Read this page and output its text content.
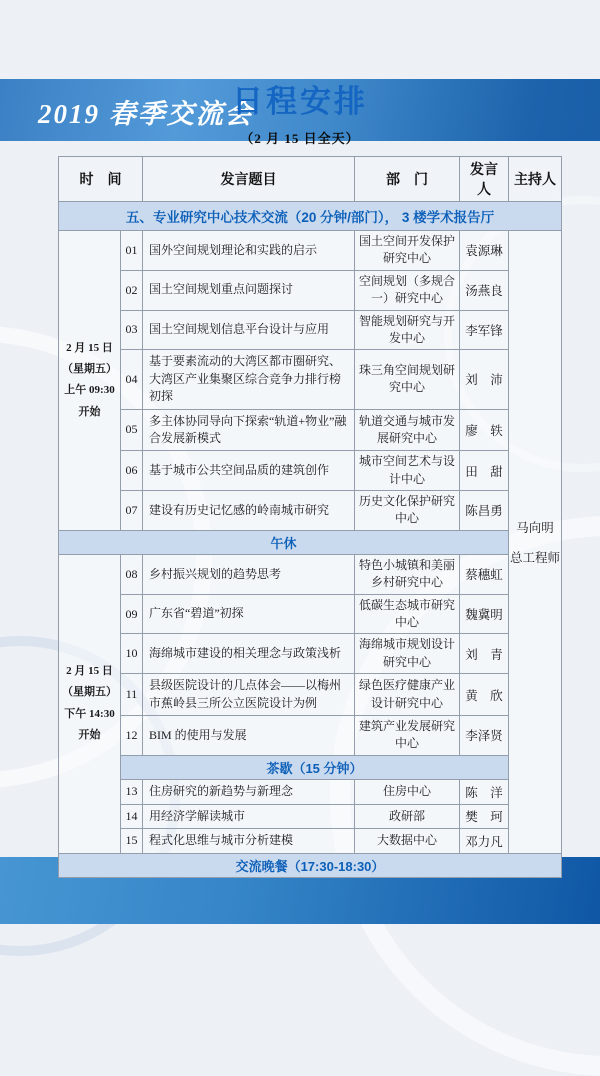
2019 春季交流会
日程安排
（2 月 15 日全天）
时　间		发言题目	部　门	发言人	主持人
五、专业研究中心技术交流（20 分钟/部门）， 3 楼学术报告厅					

2 月 15 日
（星期五）
上午 09:30
开始
	01	国外空间规划理论和实践的启示	国土空间开发保护研究中心	袁源琳	
马向明
总工程师

	02	国土空间规划重点问题探讨	空间规划（多规合一）研究中心	汤燕良	
	03	国土空间规划信息平台设计与应用	智能规划研究与开发中心	李军锋	
	04	基于要素流动的大湾区都市圈研究、大湾区产业集聚区综合竞争力排行榜初探	珠三角空间规划研究中心	刘　沛	
	05	多主体协同导向下探索“轨道+物业”融合发展新模式	轨道交通与城市发展研究中心	廖　轶	
	06	基于城市公共空间品质的建筑创作	城市空间艺术与设计中心	田　甜	
	07	建设有历史记忆感的岭南城市研究	历史文化保护研究中心	陈昌勇	
午休					

2 月 15 日
（星期五）
下午 14:30
开始	08	乡村振兴规划的趋势思考	特色小城镇和美丽乡村研究中心	蔡穗虹	
	09	广东省“碧道”初探	低碳生态城市研究中心	魏冀明	
	10	海绵城市建设的相关理念与政策浅析	海绵城市规划设计研究中心	刘　青	
	11	县级医院设计的几点体会——以梅州市蕉岭县三所公立医院设计为例	绿色医疗健康产业设计研究中心	黄　欣	
	12	BIM 的使用与发展	建筑产业发展研究中心	李泽贤	
	茶歇（15 分钟）				
	13	住房研究的新趋势与新理念	住房中心	陈　洋	
	14	用经济学解读城市	政研部	樊　珂	
	15	程式化思维与城市分析建模	大数据中心	邓力凡	
交流晚餐（17:30-18:30）					
